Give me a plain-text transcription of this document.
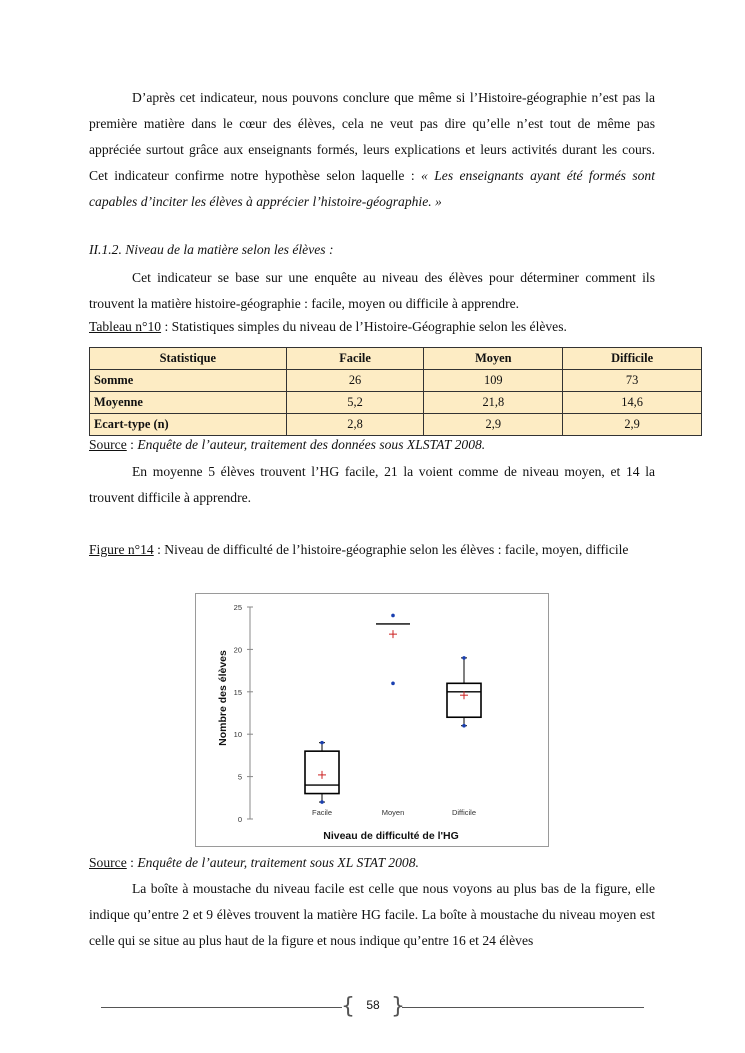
D’après cet indicateur, nous pouvons conclure que même si l’Histoire-géographie n’est pas la première matière dans le cœur des élèves, cela ne veut pas dire qu’elle n’est tout de même pas appréciée surtout grâce aux enseignants formés, leurs explications et leurs activités durant les cours. Cet indicateur confirme notre hypothèse selon laquelle : « Les enseignants ayant été formés sont capables d’inciter les élèves à apprécier l’histoire-géographie. »

II.1.2. Niveau de la matière selon les élèves :

Cet indicateur se base sur une enquête au niveau des élèves pour déterminer comment ils trouvent la matière histoire-géographie : facile, moyen ou difficile à apprendre.

Tableau n°10 : Statistiques simples du niveau de l’Histoire-Géographie selon les élèves.
Statistique	Facile	Moyen	Difficile
Somme	26	109	73
Moyenne	5,2	21,8	14,6
Ecart-type (n)	2,8	2,9	2,9
Source : Enquête de l’auteur, traitement des données sous XLSTAT 2008.

En moyenne 5 élèves trouvent l’HG facile, 21 la voient comme de niveau moyen, et 14 la trouvent difficile à apprendre.

Figure n°14 : Niveau de difficulté de l’histoire-géographie selon les élèves : facile, moyen, difficile

0
5
10
15
20
25
Facile	Moyen	Difficile
Nombre des élèves
Niveau de difficulté de l'HG
Source : Enquête de l’auteur, traitement sous XL STAT 2008.

La boîte à moustache du niveau facile est celle que nous voyons au plus bas de la figure, elle indique qu’entre 2 et 9 élèves trouvent la matière HG facile. La boîte à moustache du niveau moyen est celle qui se situe au plus haut de la figure et nous indique qu’entre 16 et 24 élèves

{ }
58
